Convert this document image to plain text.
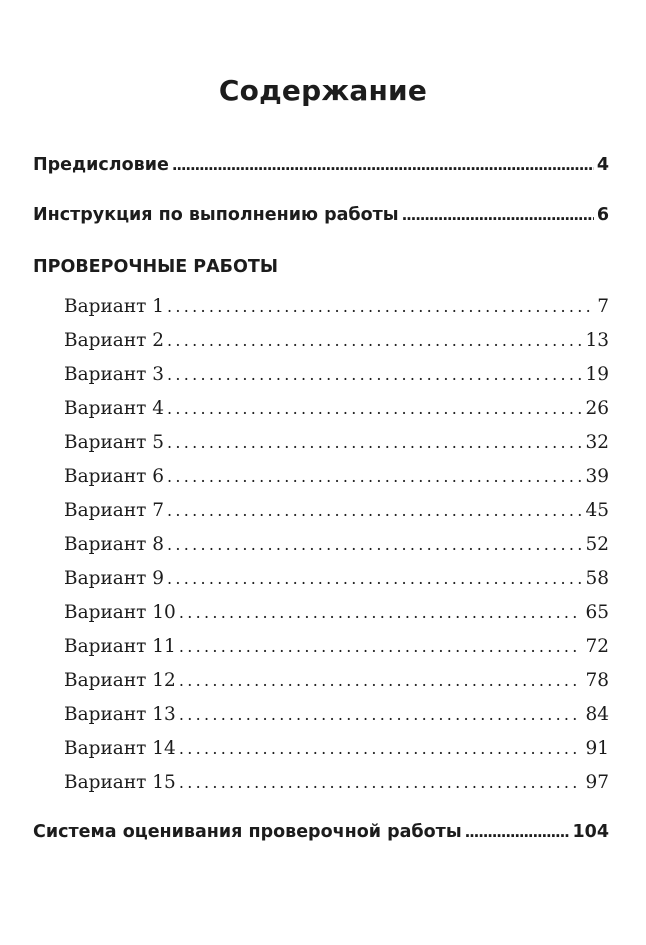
Содержание
Предисловие . . .	4
Инструкция по выполнению работы . . .	6
ПРОВЕРОЧНЫЕ РАБОТЫ
Вариант 1 . . .	7
Вариант 2 . . .	13
Вариант 3 . . .	19
Вариант 4 . . .	26
Вариант 5 . . .	32
Вариант 6 . . .	39
Вариант 7 . . .	45
Вариант 8 . . .	52
Вариант 9 . . .	58
Вариант 10 . . .	65
Вариант 11 . . .	72
Вариант 12 . . .	78
Вариант 13 . . .	84
Вариант 14 . . .	91
Вариант 15 . . .	97
Система оценивания проверочной работы . . .	104
